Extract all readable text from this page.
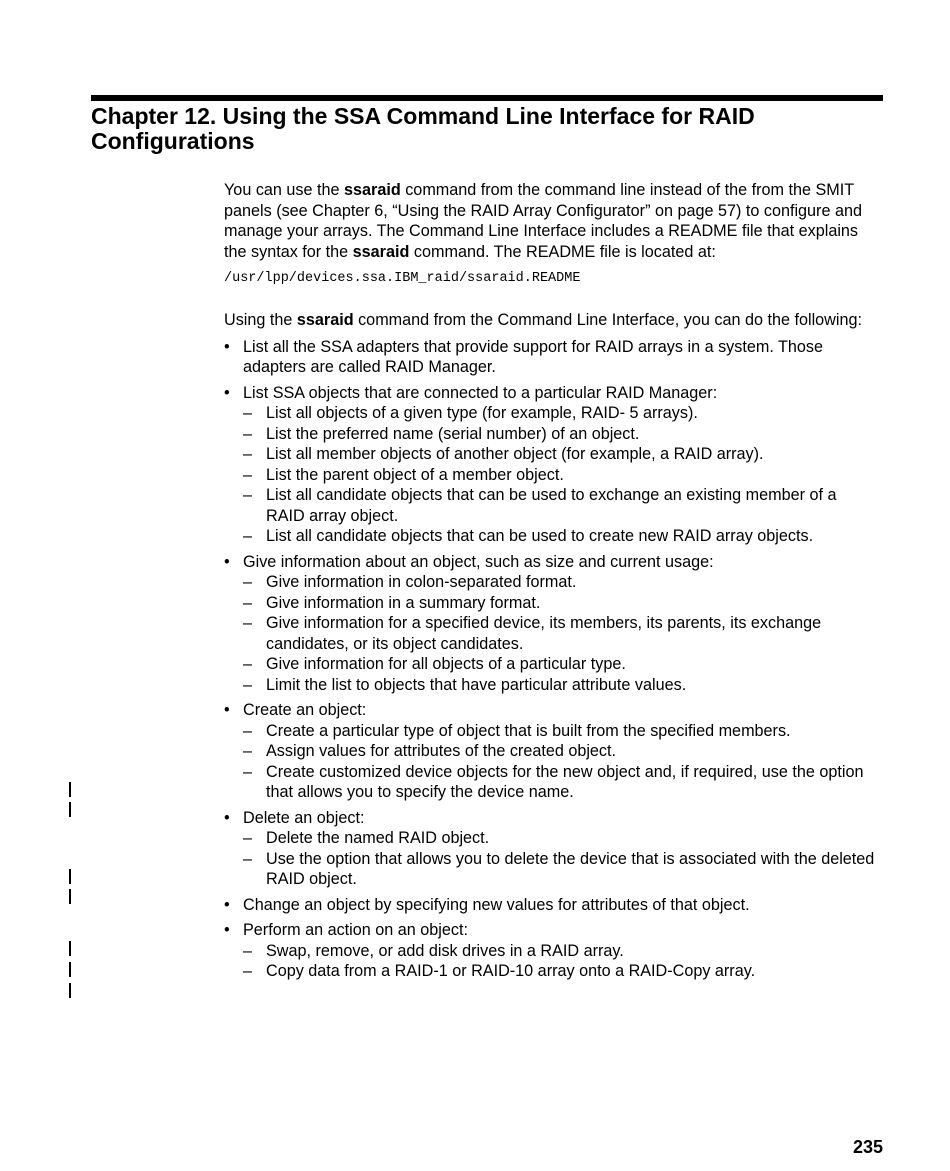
Chapter 12. Using the SSA Command Line Interface for RAID Configurations

You can use the ssaraid command from the command line instead of the from the SMIT panels (see Chapter 6, “Using the RAID Array Configurator” on page 57) to configure and manage your arrays. The Command Line Interface includes a README file that explains the syntax for the ssaraid command. The README file is located at:

/usr/lpp/devices.ssa.IBM_raid/ssaraid.README

Using the ssaraid command from the Command Line Interface, you can do the following:

• List all the SSA adapters that provide support for RAID arrays in a system. Those adapters are called RAID Manager.
• List SSA objects that are connected to a particular RAID Manager:
– List all objects of a given type (for example, RAID- 5 arrays).
– List the preferred name (serial number) of an object.
– List all member objects of another object (for example, a RAID array).
– List the parent object of a member object.
– List all candidate objects that can be used to exchange an existing member of a RAID array object.
– List all candidate objects that can be used to create new RAID array objects.
• Give information about an object, such as size and current usage:
– Give information in colon-separated format.
– Give information in a summary format.
– Give information for a specified device, its members, its parents, its exchange candidates, or its object candidates.
– Give information for all objects of a particular type.
– Limit the list to objects that have particular attribute values.
• Create an object:
– Create a particular type of object that is built from the specified members.
– Assign values for attributes of the created object.
– Create customized device objects for the new object and, if required, use the option that allows you to specify the device name.
• Delete an object:
– Delete the named RAID object.
– Use the option that allows you to delete the device that is associated with the deleted RAID object.
• Change an object by specifying new values for attributes of that object.
• Perform an action on an object:
– Swap, remove, or add disk drives in a RAID array.
– Copy data from a RAID-1 or RAID-10 array onto a RAID-Copy array.
235
